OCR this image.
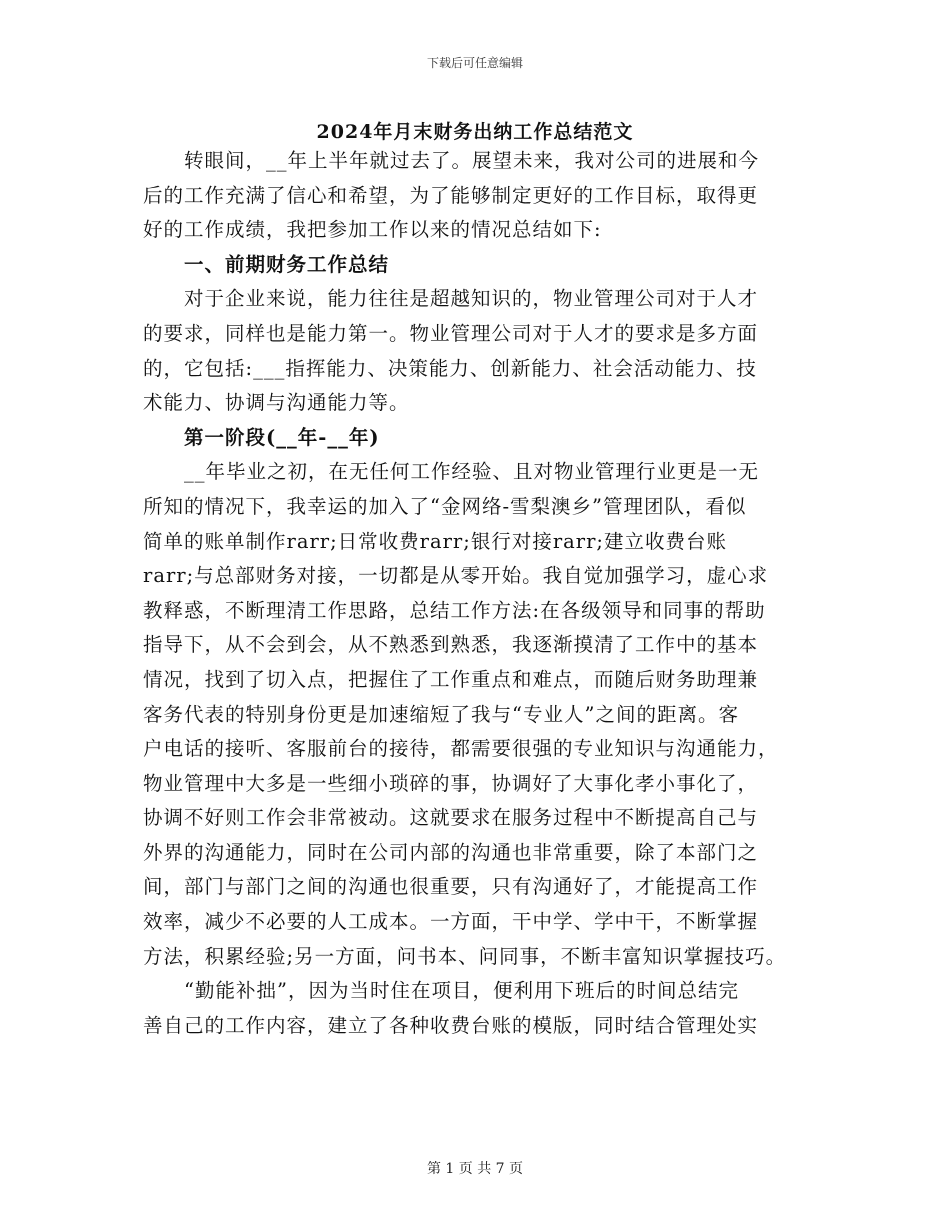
下载后可任意编辑
2024年月末财务出纳工作总结范文
转眼间，__年上半年就过去了。展望未来，我对公司的进展和今
后的工作充满了信心和希望，为了能够制定更好的工作目标，取得更
好的工作成绩，我把参加工作以来的情况总结如下:
一、前期财务工作总结
对于企业来说，能力往往是超越知识的，物业管理公司对于人才
的要求，同样也是能力第一。物业管理公司对于人才的要求是多方面
的，它包括:___指挥能力、决策能力、创新能力、社会活动能力、技
术能力、协调与沟通能力等。
第一阶段(__年-__年)
__年毕业之初，在无任何工作经验、且对物业管理行业更是一无
所知的情况下，我幸运的加入了“金网络-雪梨澳乡”管理团队，看似
简单的账单制作rarr;日常收费rarr;银行对接rarr;建立收费台账
rarr;与总部财务对接，一切都是从零开始。我自觉加强学习，虚心求
教释惑，不断理清工作思路，总结工作方法:在各级领导和同事的帮助
指导下，从不会到会，从不熟悉到熟悉，我逐渐摸清了工作中的基本
情况，找到了切入点，把握住了工作重点和难点，而随后财务助理兼
客务代表的特别身份更是加速缩短了我与“专业人”之间的距离。客
户电话的接听、客服前台的接待，都需要很强的专业知识与沟通能力，
物业管理中大多是一些细小琐碎的事，协调好了大事化孝小事化了，
协调不好则工作会非常被动。这就要求在服务过程中不断提高自己与
外界的沟通能力，同时在公司内部的沟通也非常重要，除了本部门之
间，部门与部门之间的沟通也很重要，只有沟通好了，才能提高工作
效率，减少不必要的人工成本。一方面，干中学、学中干，不断掌握
方法，积累经验;另一方面，问书本、问同事，不断丰富知识掌握技巧。
“勤能补拙”，因为当时住在项目，便利用下班后的时间总结完
善自己的工作内容，建立了各种收费台账的模版，同时结合管理处实
第 1 页 共 7 页
